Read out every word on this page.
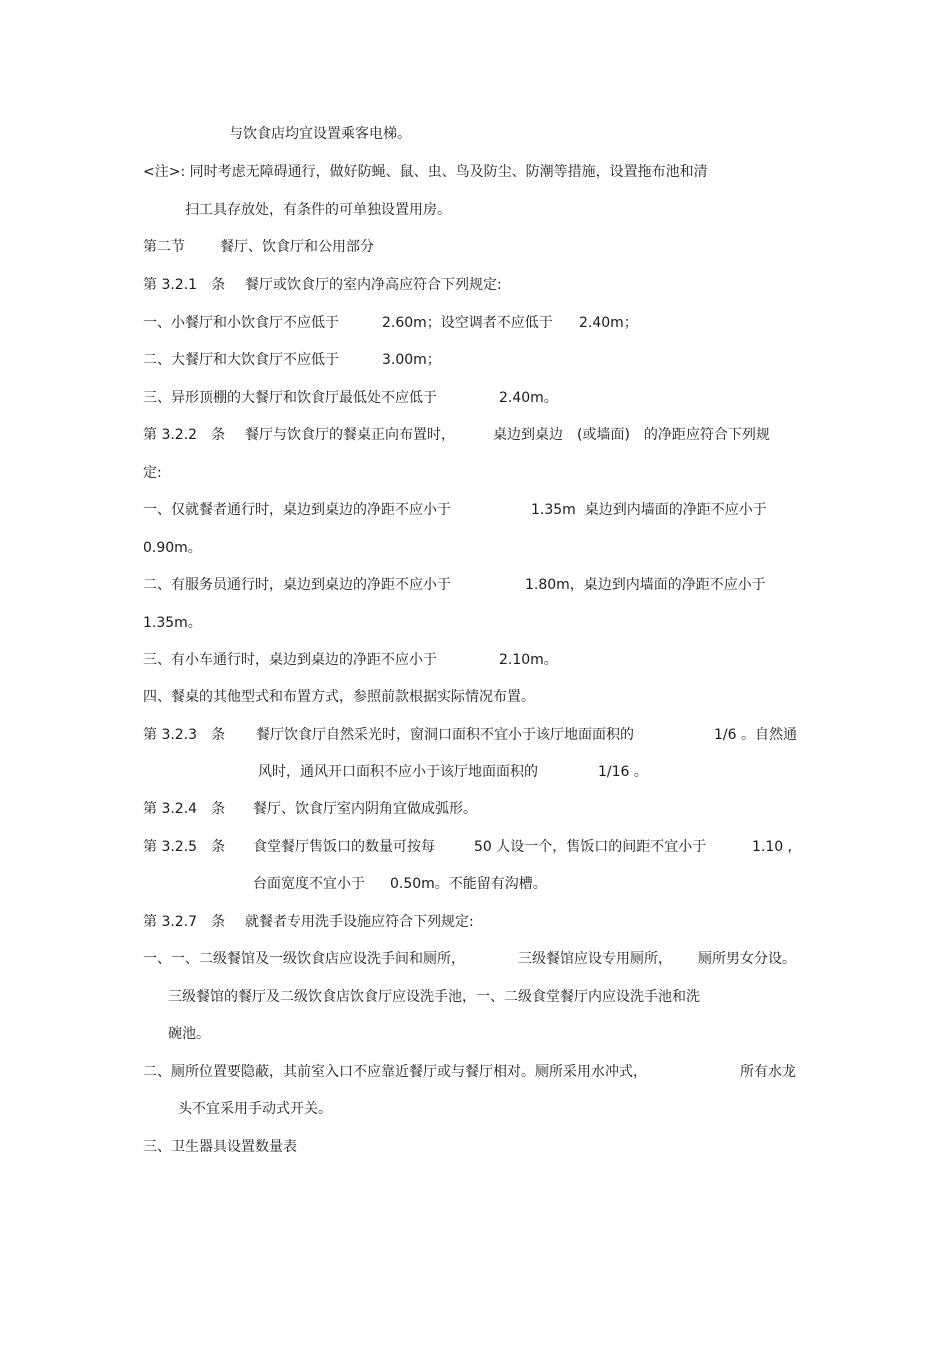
与饮食店均宜设置乘客电梯。
<注>: 同时考虑无障碍通行，做好防蝇、鼠、虫、鸟及防尘、防潮等措施，设置拖布池和清
扫工具存放处，有条件的可单独设置用房。

第二节

	餐厅、饮食厅和公用部分

第 3.2.1　条

餐厅或饮食厅的室内净高应符合下列规定:

一、小餐厅和小饮食厅不应低于

	2.60m；设空调者不应低于

2.40m；

二、大餐厅和大饮食厅不应低于

	3.00m；

三、异形顶棚的大餐厅和饮食厅最低处不应低于

	2.40m。

第 3.2.2　条

餐厅与饮食厅的餐桌正向布置时，

	桌边到桌边　(或墙面)　的净距应符合下列规

定:

一、仅就餐者通行时，桌边到桌边的净距不应小于

	1.35m  桌边到内墙面的净距不应小于

0.90m。

二、有服务员通行时，桌边到桌边的净距不应小于

	1.80m，桌边到内墙面的净距不应小于

1.35m。

三、有小车通行时，桌边到桌边的净距不应小于

	2.10m。

四、餐桌的其他型式和布置方式，参照前款根据实际情况布置。

第 3.2.3　条

餐厅饮食厅自然采光时，窗洞口面积不宜小于该厅地面面积的

	1/6 。自然通

风时，通风开口面积不应小于该厅地面面积的

	1/16 。

第 3.2.4　条

餐厅、饮食厅室内阴角宜做成弧形。

第 3.2.5　条

食堂餐厅售饭口的数量可按每

	50 人设一个，售饭口的间距不宜小于

	1.10 ,

台面宽度不宜小于

0.50m。不能留有沟槽。

第 3.2.7　条

就餐者专用洗手设施应符合下列规定:

一、一、二级餐馆及一级饮食店应设洗手间和厕所，

	三级餐馆应设专用厕所，

厕所男女分设。

三级餐馆的餐厅及二级饮食店饮食厅应设洗手池，一、二级食堂餐厅内应设洗手池和洗
碗池。

二、厕所位置要隐蔽，其前室入口不应靠近餐厅或与餐厅相对。厕所采用水冲式，

	所有水龙

头不宜采用手动式开关。
三、卫生器具设置数量表
